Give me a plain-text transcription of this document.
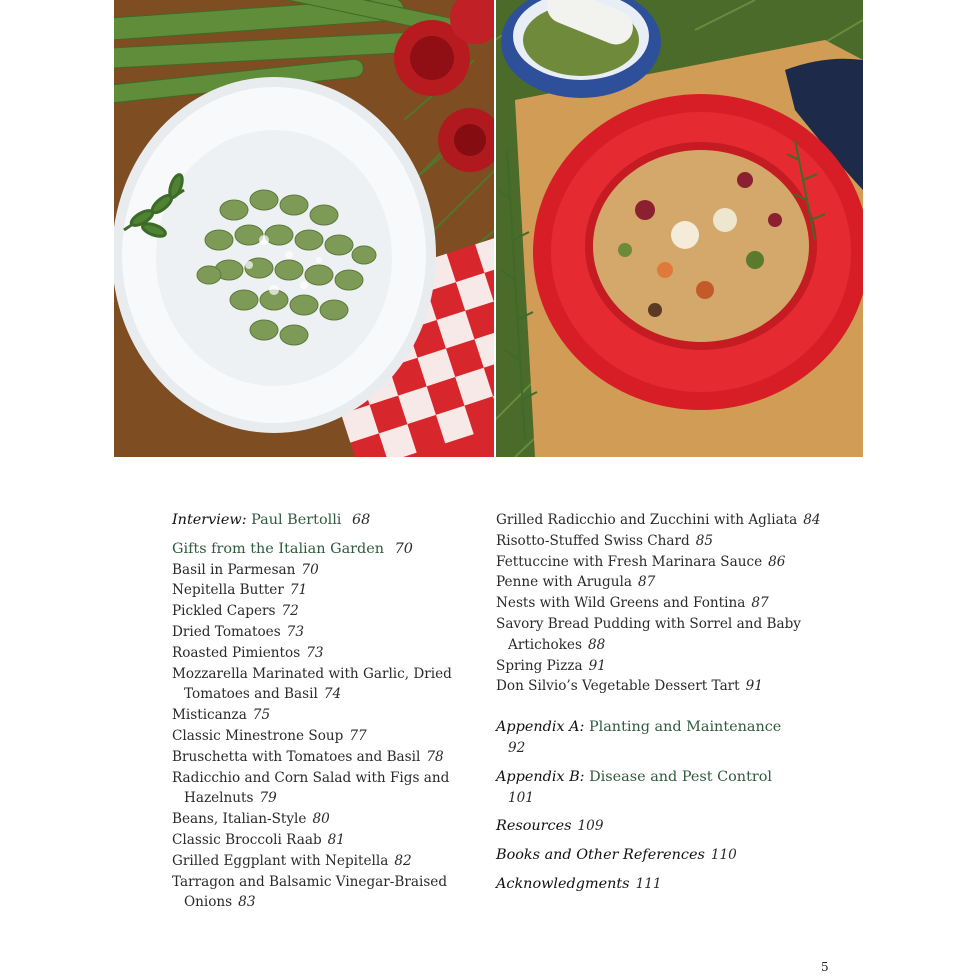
Interview: Paul Bertolli 68
Gifts from the Italian Garden 70
Basil in Parmesan 70
Nepitella Butter 71
Pickled Capers 72
Dried Tomatoes 73
Roasted Pimientos 73
Mozzarella Marinated with Garlic, Dried Tomatoes and Basil 74
Misticanza 75
Classic Minestrone Soup 77
Bruschetta with Tomatoes and Basil 78
Radicchio and Corn Salad with Figs and Hazelnuts 79
Beans, Italian-Style 80
Classic Broccoli Raab 81
Grilled Eggplant with Nepitella 82
Tarragon and Balsamic Vinegar-Braised Onions 83
Grilled Radicchio and Zucchini with Agliata 84
Risotto-Stuffed Swiss Chard 85
Fettuccine with Fresh Marinara Sauce 86
Penne with Arugula 87
Nests with Wild Greens and Fontina 87
Savory Bread Pudding with Sorrel and Baby Artichokes 88
Spring Pizza 91
Don Silvio’s Vegetable Dessert Tart 91
Appendix A: Planting and Maintenance
92
Appendix B: Disease and Pest Control
101
Resources 109
Books and Other References 110
Acknowledgments 111
5
